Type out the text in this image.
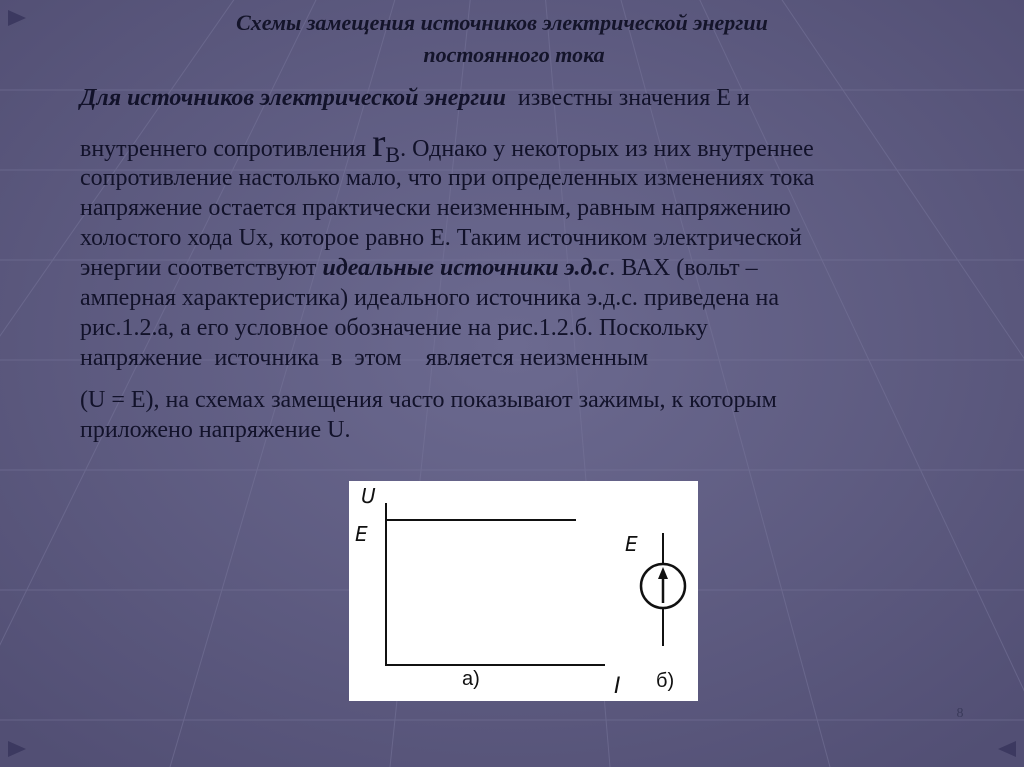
Схемы замещения источников электрической энергии
постоянного тока
Для источников электрической энергии  известны значения Е и
внутреннего сопротивления rВ. Однако у некоторых из них внутреннее
сопротивление настолько мало, что при определенных изменениях тока
напряжение остается практически неизменным, равным напряжению
холостого хода Uх, которое равно Е. Таким источником электрической
энергии соответствуют идеальные источники э.д.с. ВАХ (вольт –
амперная характеристика) идеального источника э.д.с. приведена на
рис.1.2.а, а его условное обозначение на рис.1.2.б. Поскольку
напряжение  источника  в  этом    является неизменным
(U = Е), на схемах замещения часто показывают зажимы, к которым
приложено напряжение U.
U
E
I
а)	б)
E
8
